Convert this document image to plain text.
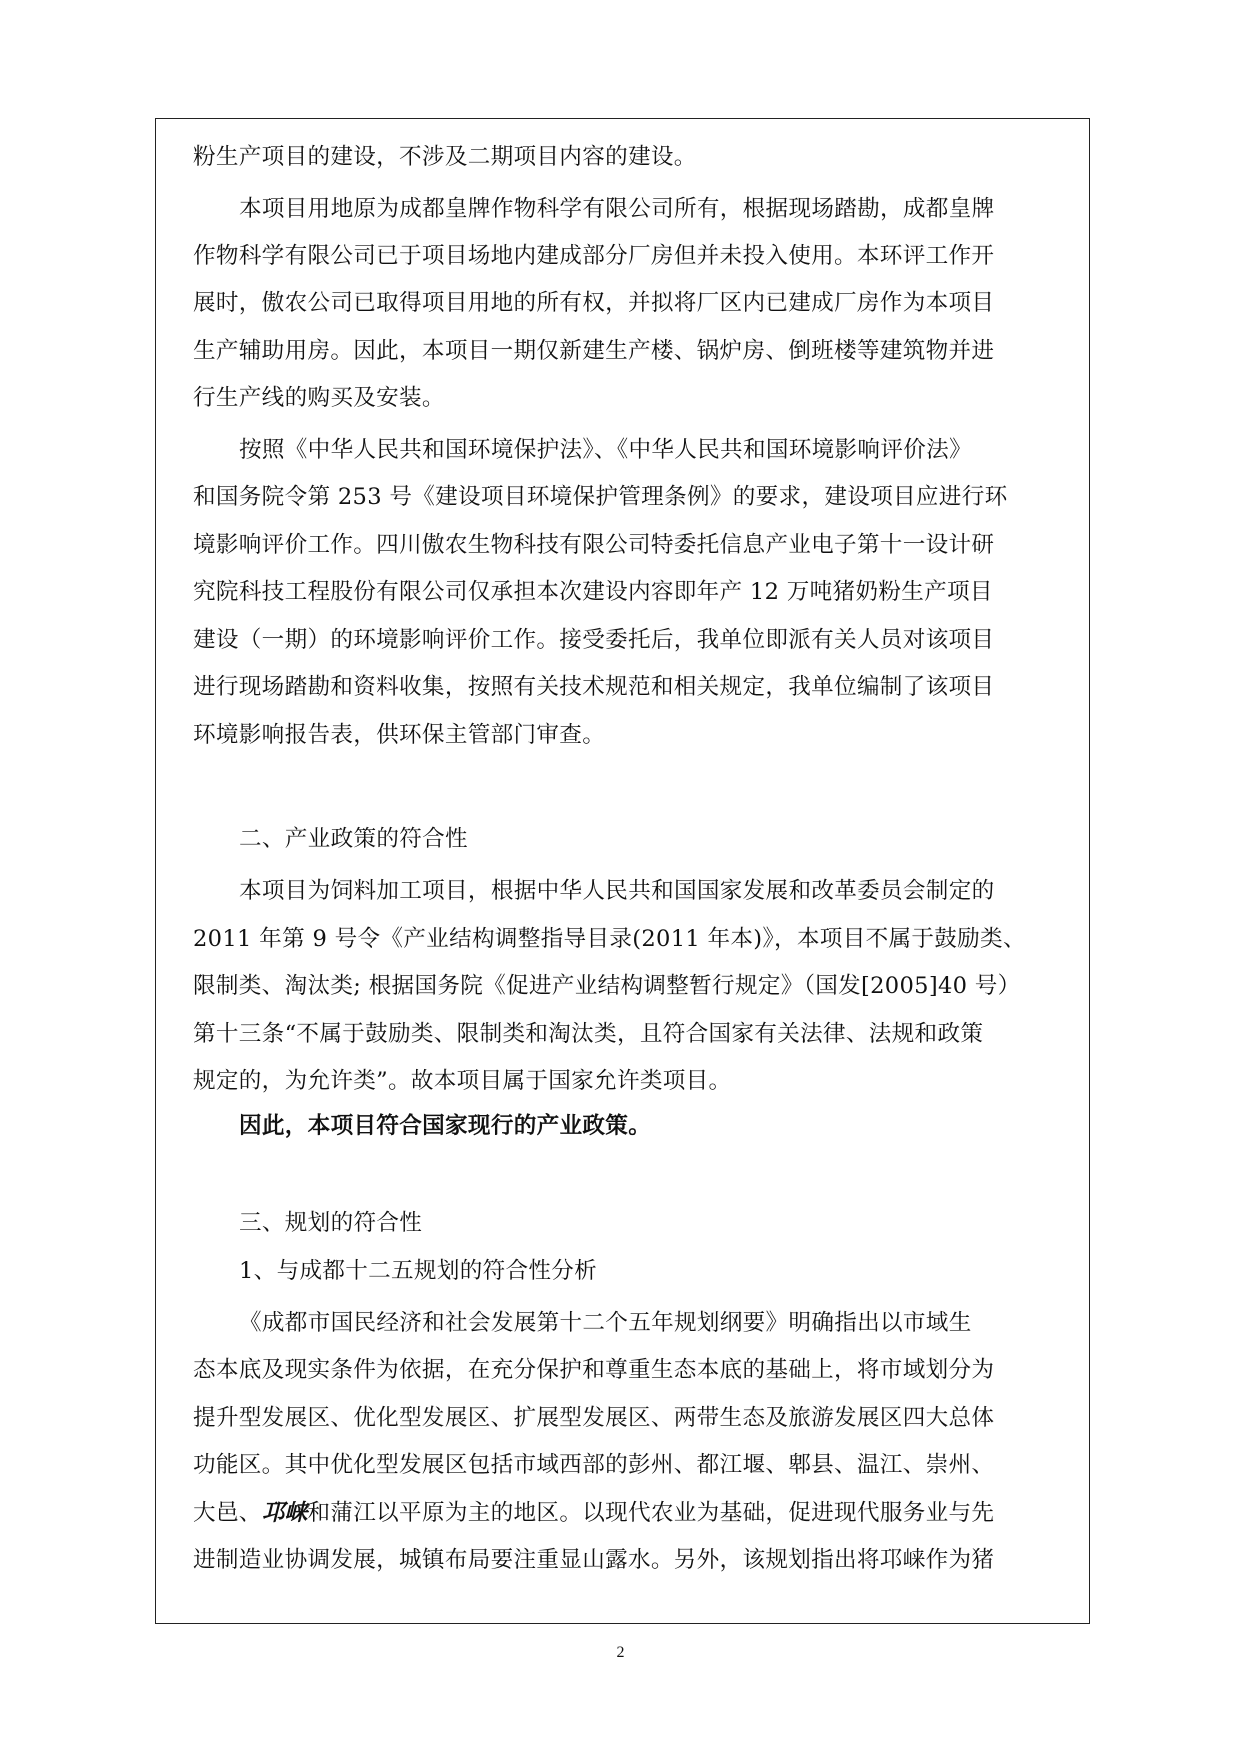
粉生产项目的建设，不涉及二期项目内容的建设。
本项目用地原为成都皇牌作物科学有限公司所有，根据现场踏勘，成都皇牌
作物科学有限公司已于项目场地内建成部分厂房但并未投入使用。本环评工作开
展时，傲农公司已取得项目用地的所有权，并拟将厂区内已建成厂房作为本项目
生产辅助用房。因此，本项目一期仅新建生产楼、锅炉房、倒班楼等建筑物并进
行生产线的购买及安装。
按照《中华人民共和国环境保护法》、《中华人民共和国环境影响评价法》
和国务院令第 253 号《建设项目环境保护管理条例》的要求，建设项目应进行环
境影响评价工作。四川傲农生物科技有限公司特委托信息产业电子第十一设计研
究院科技工程股份有限公司仅承担本次建设内容即年产 12 万吨猪奶粉生产项目
建设（一期）的环境影响评价工作。接受委托后，我单位即派有关人员对该项目
进行现场踏勘和资料收集，按照有关技术规范和相关规定，我单位编制了该项目
环境影响报告表，供环保主管部门审查。
二、产业政策的符合性
本项目为饲料加工项目，根据中华人民共和国国家发展和改革委员会制定的
2011 年第 9 号令《产业结构调整指导目录(2011 年本)》，本项目不属于鼓励类、
限制类、淘汰类; 根据国务院《促进产业结构调整暂行规定》（国发[2005]40 号）
第十三条“不属于鼓励类、限制类和淘汰类，且符合国家有关法律、法规和政策
规定的，为允许类”。故本项目属于国家允许类项目。
因此，本项目符合国家现行的产业政策。
三、规划的符合性
1、与成都十二五规划的符合性分析
《成都市国民经济和社会发展第十二个五年规划纲要》明确指出以市域生
态本底及现实条件为依据，在充分保护和尊重生态本底的基础上，将市域划分为
提升型发展区、优化型发展区、扩展型发展区、两带生态及旅游发展区四大总体
功能区。其中优化型发展区包括市域西部的彭州、都江堰、郫县、温江、崇州、
大邑、邛崃和蒲江以平原为主的地区。以现代农业为基础，促进现代服务业与先
进制造业协调发展，城镇布局要注重显山露水。另外，该规划指出将邛崃作为猪
2
